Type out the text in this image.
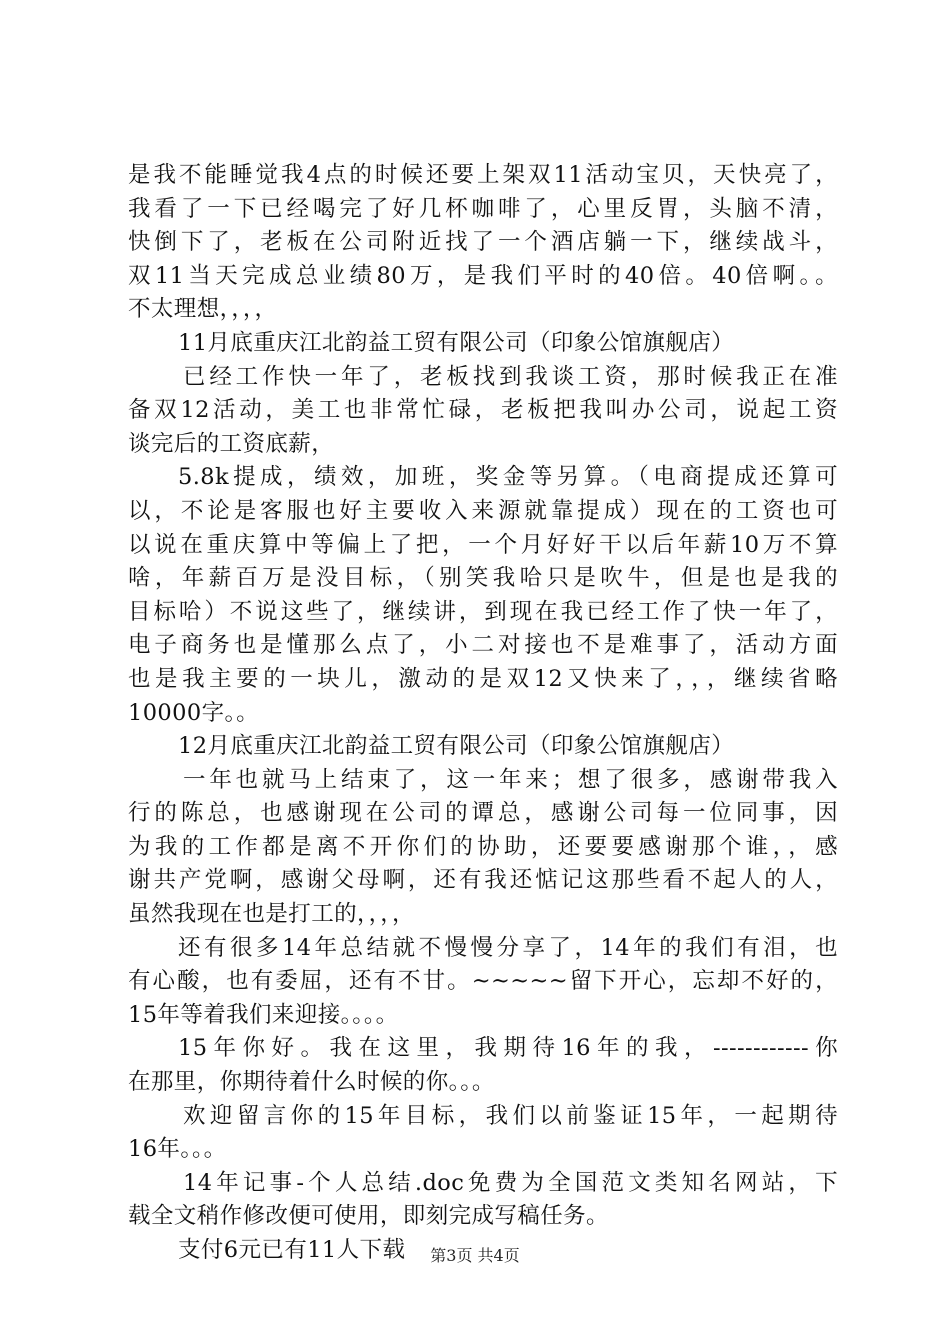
是我不能睡觉我4点的时候还要上架双11活动宝贝，天快亮了，
我看了一下已经喝完了好几杯咖啡了，心里反胃，头脑不清，
快倒下了，老板在公司附近找了一个酒店躺一下，继续战斗，
双11当天完成总业绩80万，是我们平时的40倍。40倍啊。。
不太理想，，，，
11月底重庆江北韵益工贸有限公司（印象公馆旗舰店）
已经工作快一年了，老板找到我谈工资，那时候我正在准
备双12活动，美工也非常忙碌，老板把我叫办公司，说起工资
谈完后的工资底薪，
5.8k提成，绩效，加班，奖金等另算。（电商提成还算可
以，不论是客服也好主要收入来源就靠提成）现在的工资也可
以说在重庆算中等偏上了把，一个月好好干以后年薪10万不算
啥，年薪百万是没目标，（别笑我哈只是吹牛，但是也是我的
目标哈）不说这些了，继续讲，到现在我已经工作了快一年了，
电子商务也是懂那么点了，小二对接也不是难事了，活动方面
也是我主要的一块儿，激动的是双12又快来了，，，继续省略
10000字。。
12月底重庆江北韵益工贸有限公司（印象公馆旗舰店）
一年也就马上结束了，这一年来；想了很多，感谢带我入
行的陈总，也感谢现在公司的谭总，感谢公司每一位同事，因
为我的工作都是离不开你们的协助，还要要感谢那个谁，，感
谢共产党啊，感谢父母啊，还有我还惦记这那些看不起人的人，
虽然我现在也是打工的，，，，
还有很多14年总结就不慢慢分享了，14年的我们有泪，也
有心酸，也有委屈，还有不甘。~~~~~留下开心，忘却不好的，
15年等着我们来迎接。。。。
15年你好。我在这里，我期待16年的我，------------你
在那里，你期待着什么时候的你。。。
欢迎留言你的15年目标，我们以前鉴证15年，一起期待
16年。。。
14年记事-个人总结.doc免费为全国范文类知名网站，下
载全文稍作修改便可使用，即刻完成写稿任务。
支付6元已有11人下载	第3页 共4页
